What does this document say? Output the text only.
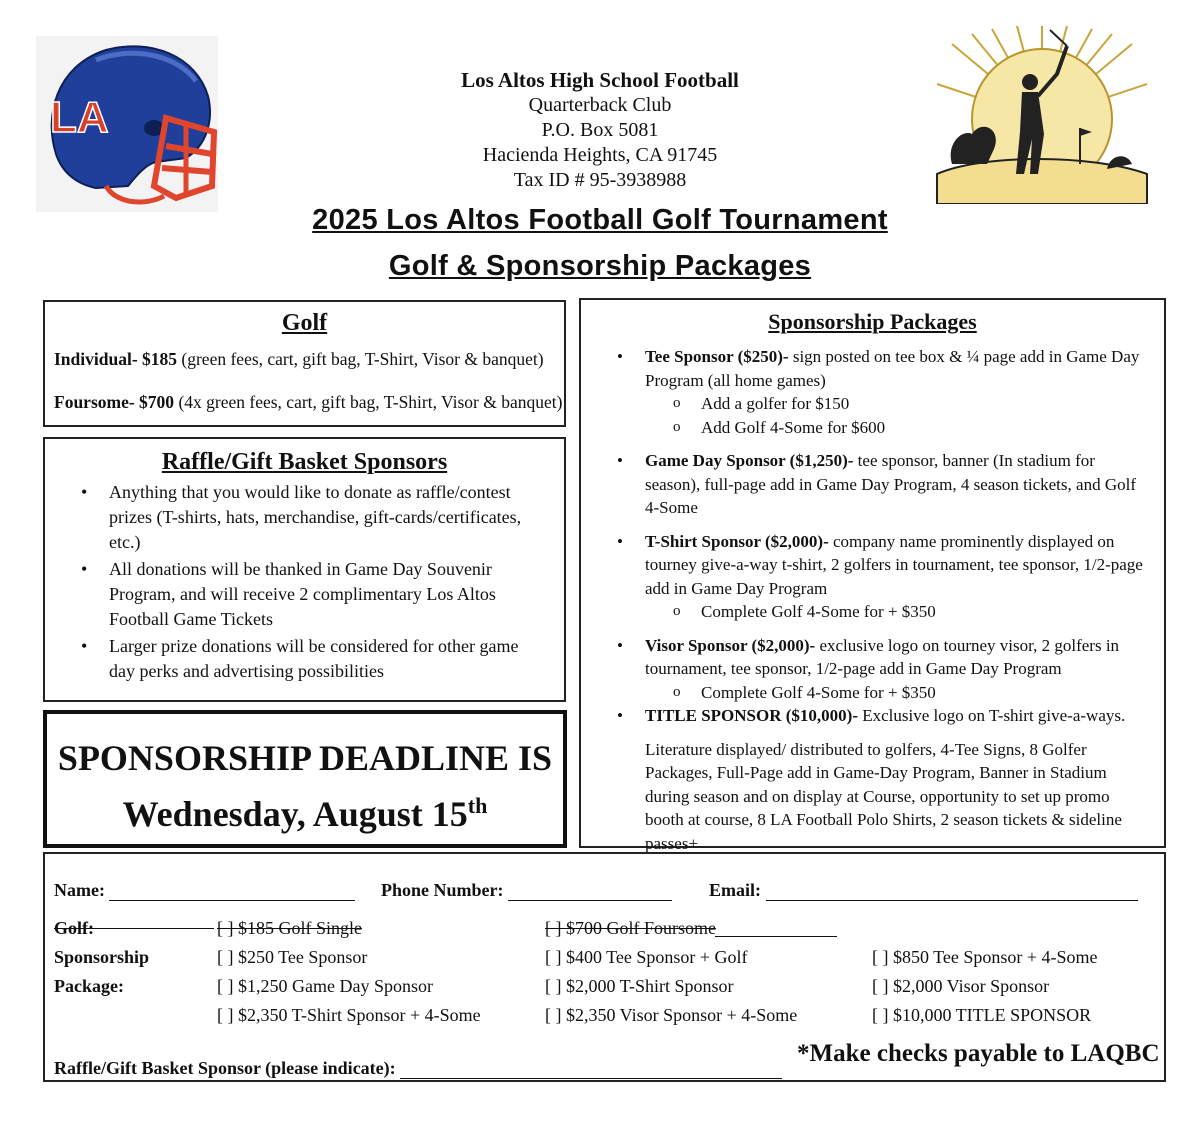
LA
Los Altos High School Football
Quarterback Club
P.O. Box 5081
Hacienda Heights, CA 91745
Tax ID # 95-3938988
2025 Los Altos Football Golf Tournament
Golf & Sponsorship Packages
Golf
Individual- $185 (green fees, cart, gift bag, T-Shirt, Visor & banquet)
Foursome- $700 (4x green fees, cart, gift bag, T-Shirt, Visor & banquet)
Raffle/Gift Basket Sponsors
• Anything that you would like to donate as raffle/contest prizes (T-shirts, hats, merchandise, gift-cards/certificates, etc.)
• All donations will be thanked in Game Day Souvenir Program, and will receive 2 complimentary Los Altos Football Game Tickets
• Larger prize donations will be considered for other game day perks and advertising possibilities
SPONSORSHIP DEADLINE IS
Wednesday, August 15th
Sponsorship Packages
• Tee Sponsor ($250)- sign posted on tee box & ¼ page add in Game Day Program (all home games)
o Add a golfer for $150
o Add Golf 4-Some for $600
• Game Day Sponsor ($1,250)- tee sponsor, banner (In stadium for season), full-page add in Game Day Program, 4 season tickets, and Golf 4-Some
• T-Shirt Sponsor ($2,000)- company name prominently displayed on tourney give-a-way t-shirt, 2 golfers in tournament, tee sponsor, 1/2-page add in Game Day Program
o Complete Golf 4-Some for + $350
• Visor Sponsor ($2,000)- exclusive logo on tourney visor, 2 golfers in tournament, tee sponsor, 1/2-page add in Game Day Program
o Complete Golf 4-Some for + $350
• TITLE SPONSOR ($10,000)- Exclusive logo on T-shirt give-a-ways.
Literature displayed/ distributed to golfers, 4-Tee Signs, 8 Golfer Packages, Full-Page add in Game-Day Program, Banner in Stadium during season and on display at Course, opportunity to set up promo booth at course, 8 LA Football Polo Shirts, 2 season tickets & sideline passes+
Name:	Phone Number:	Email:
Golf:	[ ] $185 Golf Single	[ ] $700 Golf Foursome
Sponsorship
Package:
[ ] $250 Tee Sponsor	[ ] $400 Tee Sponsor + Golf	[ ] $850 Tee Sponsor + 4-Some
[ ] $1,250 Game Day Sponsor	[ ] $2,000 T-Shirt Sponsor	[ ] $2,000 Visor Sponsor
[ ] $2,350 T-Shirt Sponsor + 4-Some	[ ] $2,350 Visor Sponsor + 4-Some	[ ] $10,000 TITLE SPONSOR
Raffle/Gift Basket Sponsor (please indicate):
*Make checks payable to LAQBC
